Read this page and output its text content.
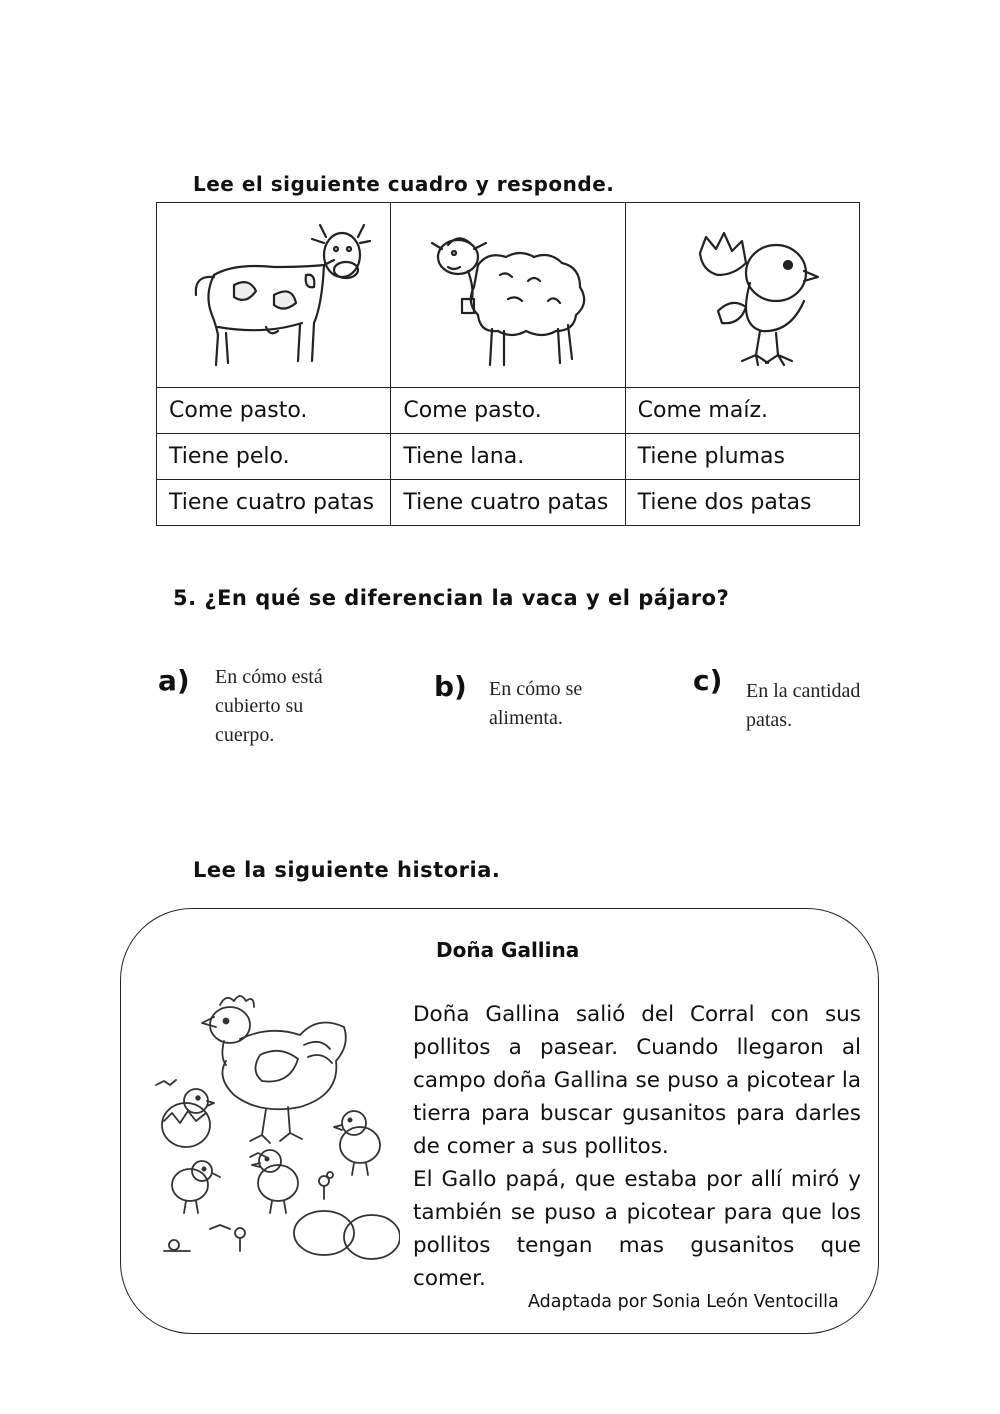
Lee el siguiente cuadro y responde.

Come pasto.	Come pasto.	Come maíz.
Tiene pelo.	Tiene lana.	Tiene plumas
Tiene cuatro patas	Tiene cuatro patas	Tiene dos patas
5. ¿En qué se diferencian la vaca y el pájaro?
a) En cómo está
cubierto su
cuerpo.
b) En cómo se
alimenta.
c) En la cantidad
patas.
Lee la siguiente historia.
Doña Gallina

Doña Gallina salió del Corral con sus pollitos a pasear. Cuando llegaron al campo doña Gallina se puso a picotear la tierra para buscar gusanitos para darles de comer a sus pollitos.

El Gallo papá, que estaba por allí miró y también se puso a picotear para que los pollitos tengan mas gusanitos que comer.

Adaptada por Sonia León Ventocilla
